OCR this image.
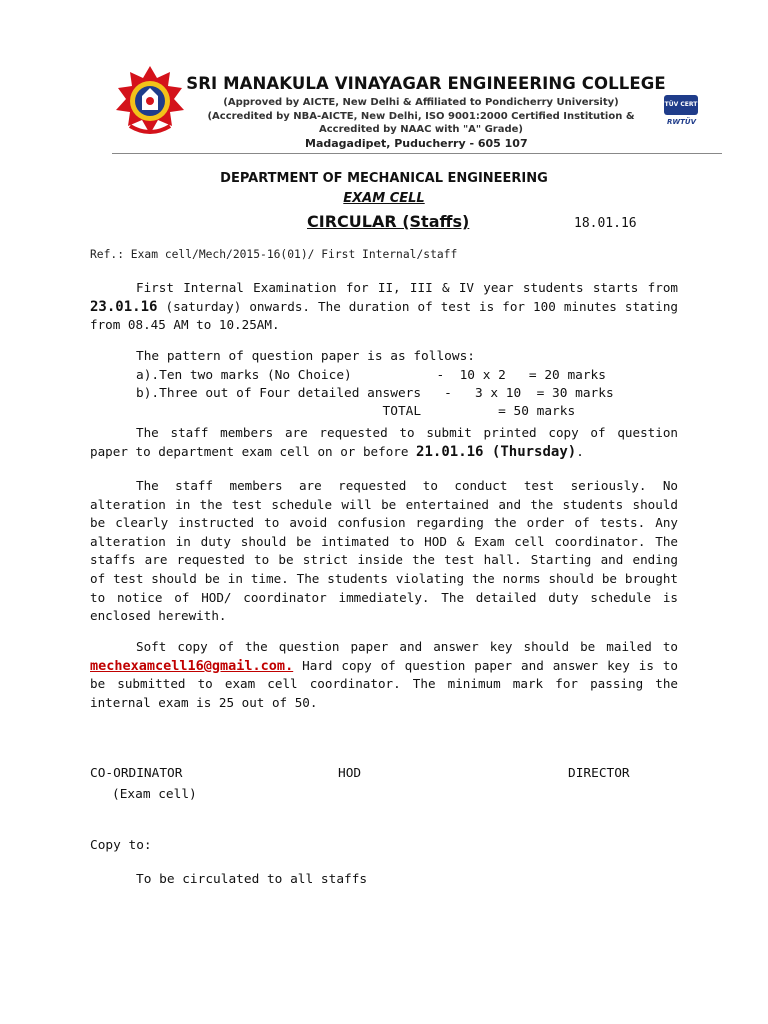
SRI MANAKULA VINAYAGAR ENGINEERING COLLEGE
(Approved by AICTE, New Delhi & Affiliated to Pondicherry University)
(Accredited by NBA-AICTE, New Delhi, ISO 9001:2000 Certified Institution &
Accredited by NAAC with "A" Grade)
Madagadipet, Puducherry - 605 107
TÜV CERT
RWTÜV
DEPARTMENT OF MECHANICAL ENGINEERING
EXAM CELL
CIRCULAR (Staffs)	18.01.16
Ref.: Exam cell/Mech/2015-16(01)/ First Internal/staff
First Internal Examination for II, III & IV year students starts from 23.01.16 (saturday) onwards. The duration of test is for 100 minutes stating from 08.45 AM to 10.25AM.
The pattern of question paper is as follows:
a).Ten two marks (No Choice)           -  10 x 2   = 20 marks
b).Three out of Four detailed answers   -   3 x 10  = 30 marks
TOTAL          = 50 marks
The staff members are requested to submit printed copy of question paper to department exam cell on or before 21.01.16 (Thursday).
The staff members are requested to conduct test seriously. No alteration in the test schedule will be entertained and the students should be clearly instructed to avoid confusion regarding the order of tests. Any alteration in duty should be intimated to HOD & Exam cell coordinator. The staffs are requested to be strict inside the test hall. Starting and ending of test should be in time. The students violating the norms should be brought to notice of HOD/ coordinator immediately. The detailed duty schedule is enclosed herewith.
Soft copy of the question paper and answer key should be mailed to mechexamcell16@gmail.com. Hard copy of question paper and answer key is to be submitted to exam cell coordinator. The minimum mark for passing the internal exam is 25 out of 50.
CO-ORDINATOR
(Exam cell)
HOD	DIRECTOR
Copy to:
To be circulated to all staffs
